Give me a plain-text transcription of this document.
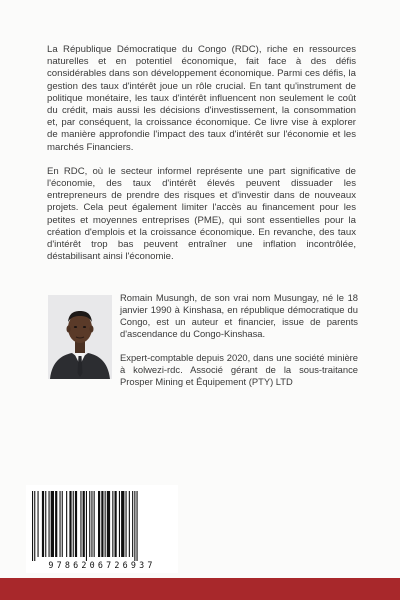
La République Démocratique du Congo (RDC), riche en ressources naturelles et en potentiel économique, fait face à des défis considérables dans son développement économique. Parmi ces défis, la gestion des taux d'intérêt joue un rôle crucial. En tant qu'instrument de politique monétaire, les taux d'intérêt influencent non seulement le coût du crédit, mais aussi les décisions d'investissement, la consommation et, par conséquent, la croissance économique. Ce livre vise à explorer de manière approfondie l'impact des taux d'intérêt sur l'économie et les marchés Financiers.

En RDC, où le secteur informel représente une part significative de l'économie, des taux d'intérêt élevés peuvent dissuader les entrepreneurs de prendre des risques et d'investir dans de nouveaux projets. Cela peut également limiter l'accès au financement pour les petites et moyennes entreprises (PME), qui sont essentielles pour la création d'emplois et la croissance économique. En revanche, des taux d'intérêt trop bas peuvent entraîner une inflation incontrôlée, déstabilisant ainsi l'économie.

Romain Musungh, de son vrai nom Musungay, né le 18 janvier 1990 à Kinshasa, en république démocratique du Congo, est un auteur et financier, issue de parents d'ascendance du Congo-Kinshasa.

Expert-comptable depuis 2020, dans une société minière à kolwezi-rdc. Associé gérant de la sous-traitance Prosper Mining et Équipement (PTY) LTD

9786206726937
